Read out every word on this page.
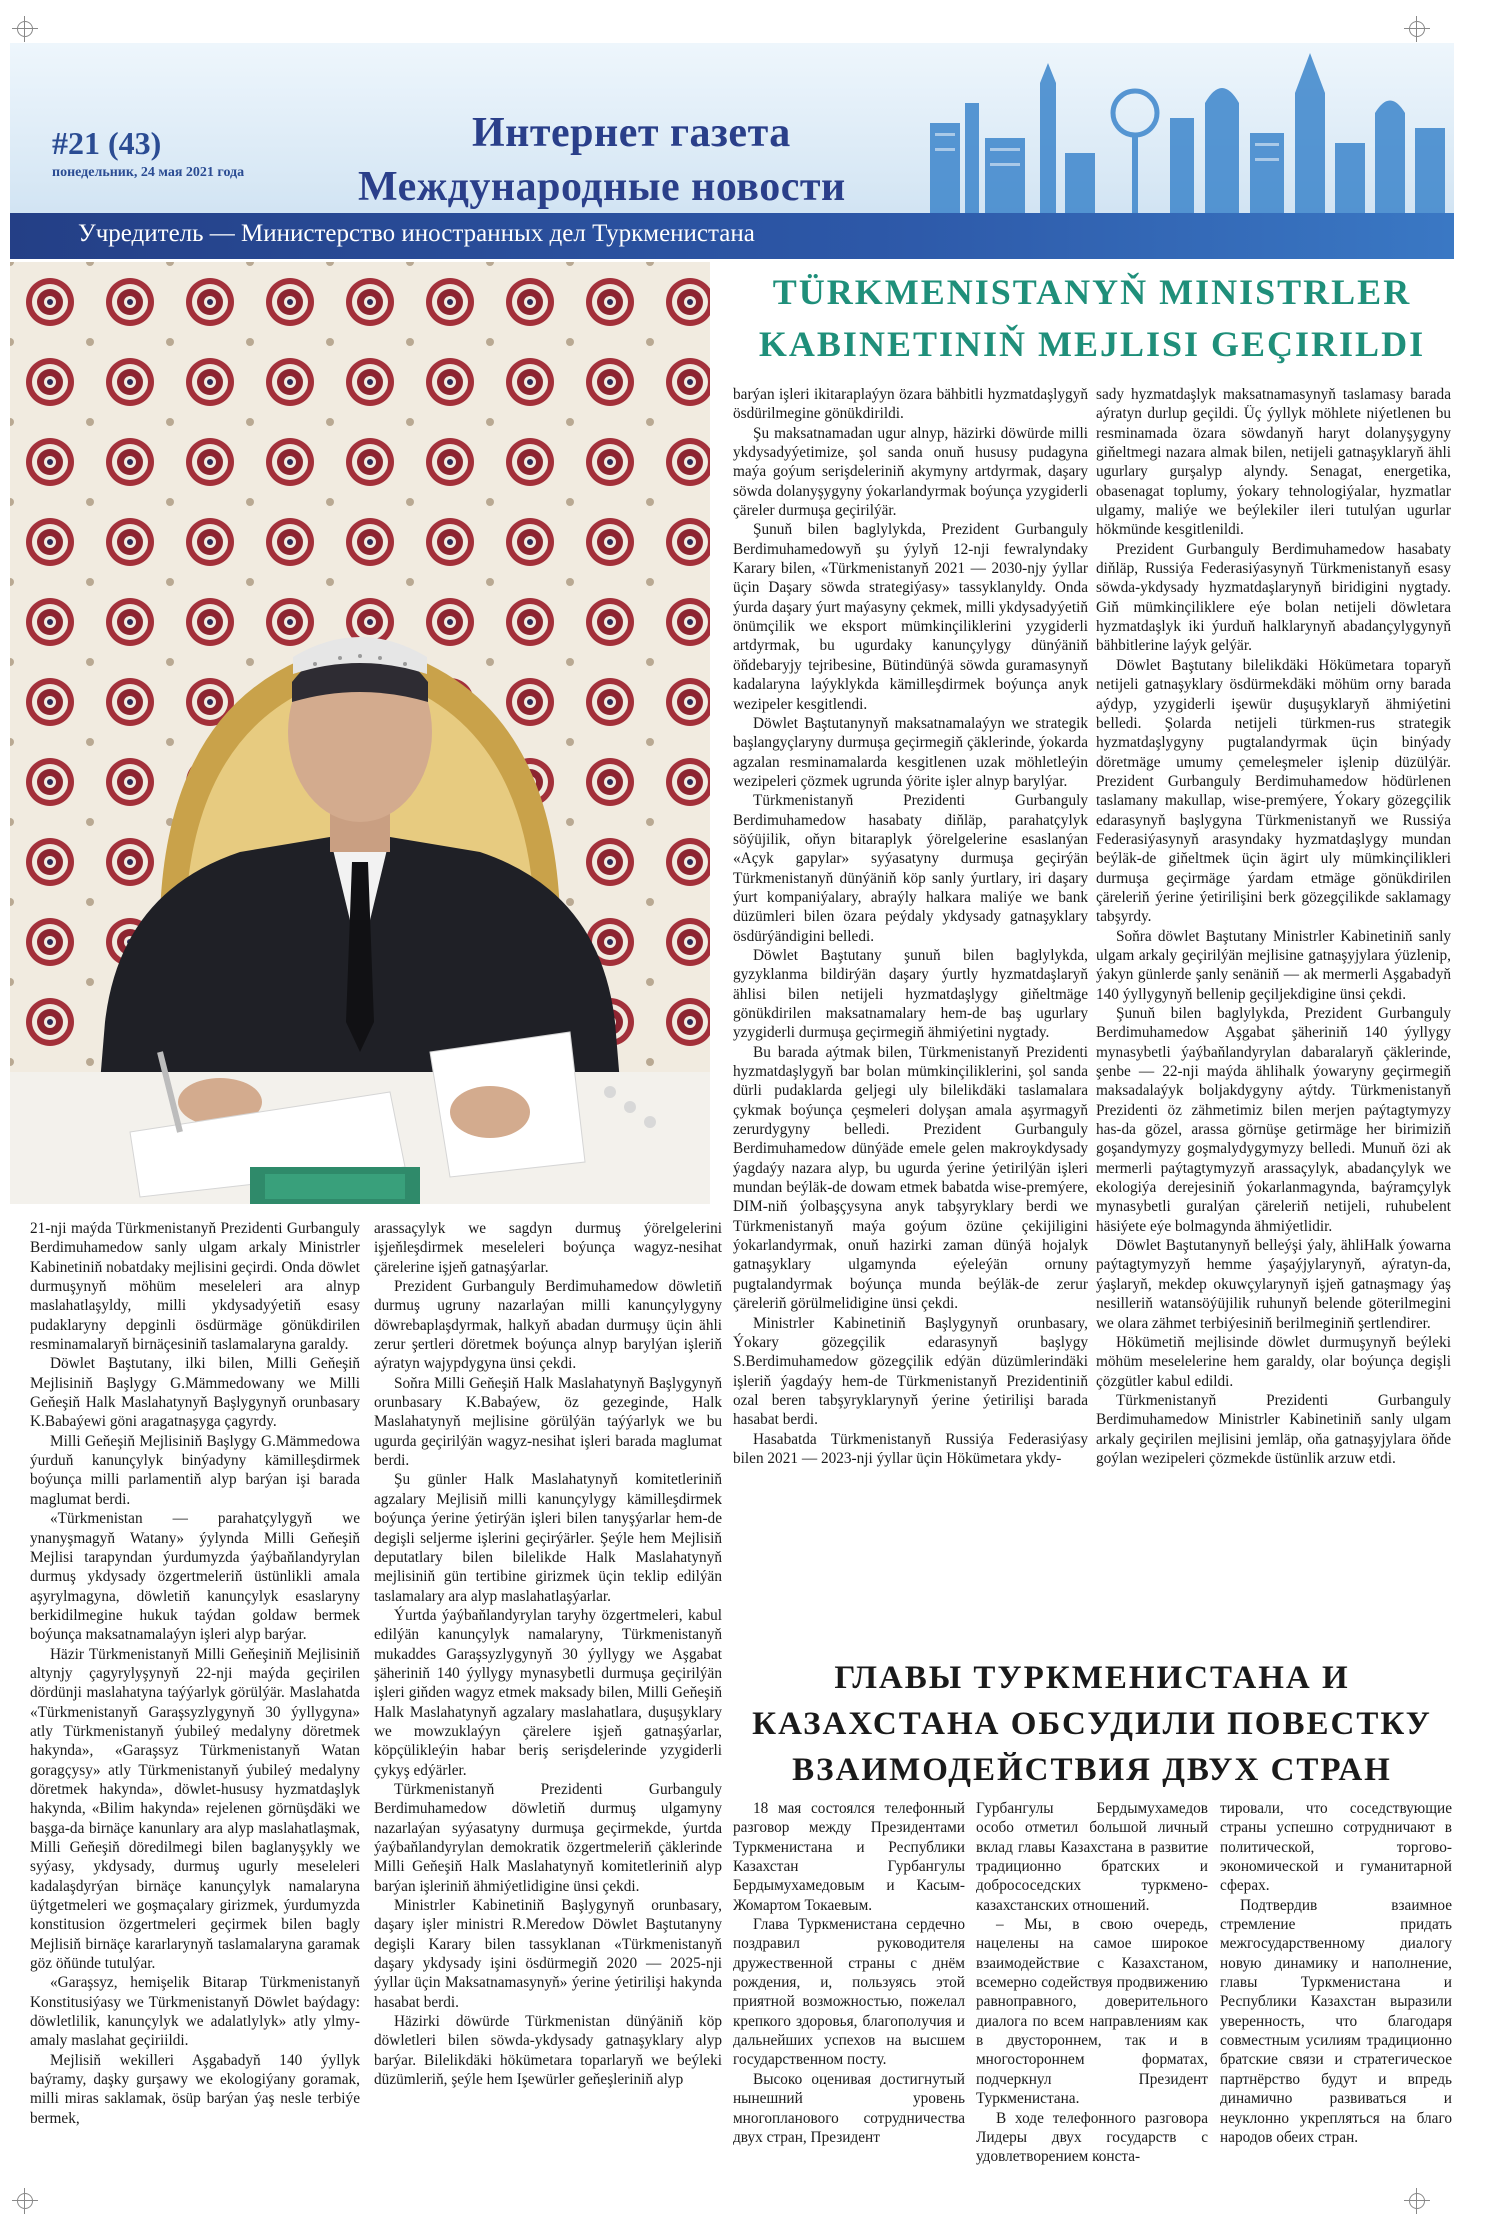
#21 (43)
понедельник, 24 мая 2021 года
Интернет газета
Международные новости
Учредитель — Министерство иностранных дел Туркменистана
TÜRKMENISTANYŇ MINISTRLER
KABINETINIŇ MEJLISI GEÇIRILDI

21-nji maýda Türkmenistanyň Prezidenti Gurbanguly Berdimuhamedow sanly ulgam arkaly Ministrler Kabinetiniň nobatdaky mejlisini geçirdi. Onda döwlet durmuşynyň möhüm meseleleri ara alnyp maslahatlaşyldy, milli ykdysadyýetiň esasy pudaklaryny depginli ösdürmäge gönükdirilen resminamalaryň birnäçesiniň taslamalaryna garaldy.

Döwlet Baştutany, ilki bilen, Milli Geňeşiň Mejlisiniň Başlygy G.Mämmedowany we Milli Geňeşiň Halk Maslahatynyň Başlygynyň orunbasary K.Babaýewi göni aragatnaşyga çagyrdy.

Milli Geňeşiň Mejlisiniň Başlygy G.Mämmedowa ýurduň kanunçylyk binýadyny kämilleşdirmek boýunça milli parlamentiň alyp barýan işi barada maglumat berdi.

«Türkmenistan — parahatçylygyň we ynanyşmagyň Watany» ýylynda Milli Geňeşiň Mejlisi tarapyndan ýurdumyzda ýaýbaňlandyrylan durmuş ykdysady özgertmeleriň üstünlikli amala aşyrylmagyna, döwletiň kanunçylyk esaslaryny berkidilmegine hukuk taýdan goldaw bermek boýunça maksatnamalaýyn işleri alyp barýar.

Häzir Türkmenistanyň Milli Geňeşiniň Mejlisiniň altynjy çagyrylyşynyň 22-nji maýda geçirilen dördünji maslahatyna taýýarlyk görülýär. Maslahatda «Türkmenistanyň Garaşsyzlygynyň 30 ýyllygyna» atly Türkmenistanyň ýubileý medalyny döretmek hakynda», «Garaşsyz Türkmenistanyň Watan goragçysy» atly Türkmenistanyň ýubileý medalyny döretmek hakynda», döwlet-hususy hyzmatdaşlyk hakynda, «Bilim hakynda» rejelenen görnüşdäki we başga-da birnäçe kanunlary ara alyp maslahatlaşmak, Milli Geňeşiň döredilmegi bilen baglanyşykly we syýasy, ykdysady, durmuş ugurly meseleleri kadalaşdyrýan birnäçe kanunçylyk namalaryna üýtgetmeleri we goşmaçalary girizmek, ýurdumyzda konstitusion özgertmeleri geçirmek bilen bagly Mejlisiň birnäçe kararlarynyň taslamalaryna garamak göz öňünde tutulýar.

«Garaşsyz, hemişelik Bitarap Türkmenistanyň Konstitusiýasy we Türkmenistanyň Döwlet baýdagy: döwletlilik, kanunçylyk we adalatlylyk» atly ylmy-amaly maslahat geçiriildi.

Mejlisiň wekilleri Aşgabadyň 140 ýyllyk baýramy, daşky gurşawy we ekologiýany goramak, milli miras saklamak, ösüp barýan ýaş nesle terbiýe bermek,

arassaçylyk we sagdyn durmuş ýörelgelerini işjeňleşdirmek meseleleri boýunça wagyz-nesihat çärelerine işjeň gatnaşýarlar.

Prezident Gurbanguly Berdimuhamedow döwletiň durmuş ugruny nazarlaýan milli kanunçylygyny döwrebaplaşdyrmak, halkyň abadan durmuşy üçin ähli zerur şertleri döretmek boýunça alnyp barylýan işleriň aýratyn wajypdygyna ünsi çekdi.

Soňra Milli Geňeşiň Halk Maslahatynyň Başlygynyň orunbasary K.Babaýew, öz gezeginde, Halk Maslahatynyň mejlisine görülýän taýýarlyk we bu ugurda geçirilýän wagyz-nesihat işleri barada maglumat berdi.

Şu günler Halk Maslahatynyň komitetleriniň agzalary Mejlisiň milli kanunçylygy kämilleşdirmek boýunça ýerine ýetirýän işleri bilen tanyşýarlar hem-de degişli seljerme işlerini geçirýärler. Şeýle hem Mejlisiň deputatlary bilen bilelikde Halk Maslahatynyň mejlisiniň gün tertibine girizmek üçin teklip edilýän taslamalary ara alyp maslahatlaşýarlar.

Ýurtda ýaýbaňlandyrylan taryhy özgertmeleri, kabul edilýän kanunçylyk namalaryny, Türkmenistanyň mukaddes Garaşsyzlygynyň 30 ýyllygy we Aşgabat şäheriniň 140 ýyllygy mynasybetli durmuşa geçirilýän işleri giňden wagyz etmek maksady bilen, Milli Geňeşiň Halk Maslahatynyň agzalary maslahatlara, duşuşyklary we mowzuklaýyn çärelere işjeň gatnaşýarlar, köpçülikleýin habar beriş serişdelerinde yzygiderli çykyş edýärler.

Türkmenistanyň Prezidenti Gurbanguly Berdimuhamedow döwletiň durmuş ulgamyny nazarlaýan syýasatyny durmuşa geçirmekde, ýurtda ýaýbaňlandyrylan demokratik özgertmeleriň çäklerinde Milli Geňeşiň Halk Maslahatynyň komitetleriniň alyp barýan işleriniň ähmiýetlidigine ünsi çekdi.

Ministrler Kabinetiniň Başlygynyň orunbasary, daşary işler ministri R.Meredow Döwlet Baştutanyny degişli Karary bilen tassyklanan «Türkmenistanyň daşary ykdysady işini ösdürmegiň 2020 — 2025-nji ýyllar üçin Maksatnamasynyň» ýerine ýetirilişi hakynda hasabat berdi.

Häzirki döwürde Türkmenistan dünýäniň köp döwletleri bilen söwda-ykdysady gatnaşyklary alyp barýar. Bilelikdäki hökümetara toparlaryň we beýleki düzümleriň, şeýle hem Işewürler geňeşleriniň alyp

barýan işleri ikitaraplaýyn özara bähbitli hyzmatdaşlygyň ösdürilmegine gönükdirildi.

Şu maksatnamadan ugur alnyp, häzirki döwürde milli ykdysadyýetimize, şol sanda onuň hususy pudagyna maýa goýum serişdeleriniň akymyny artdyrmak, daşary söwda dolanyşygyny ýokarlandyrmak boýunça yzygiderli çäreler durmuşa geçirilýär.

Şunuň bilen baglylykda, Prezident Gurbanguly Berdimuhamedowyň şu ýylyň 12-nji fewralyndaky Karary bilen, «Türkmenistanyň 2021 — 2030-njy ýyllar üçin Daşary söwda strategiýasy» tassyklanyldy. Onda ýurda daşary ýurt maýasyny çekmek, milli ykdysadyýetiň önümçilik we eksport mümkinçiliklerini yzygiderli artdyrmak, bu ugurdaky kanunçylygy dünýäniň öňdebaryjy tejribesine, Bütindünýä söwda guramasynyň kadalaryna laýyklykda kämilleşdirmek boýunça anyk wezipeler kesgitlendi.

Döwlet Baştutanynyň maksatnamalaýyn we strategik başlangyçlaryny durmuşa geçirmegiň çäklerinde, ýokarda agzalan resminamalarda kesgitlenen uzak möhletleýin wezipeleri çözmek ugrunda ýörite işler alnyp barylýar.

Türkmenistanyň Prezidenti Gurbanguly Berdimuhamedow hasabaty diňläp, parahatçylyk söýüjilik, oňyn bitaraplyk ýörelgelerine esaslanýan «Açyk gapylar» syýasatyny durmuşa geçirýän Türkmenistanyň dünýäniň köp sanly ýurtlary, iri daşary ýurt kompaniýalary, abraýly halkara maliýe we bank düzümleri bilen özara peýdaly ykdysady gatnaşyklary ösdürýändigini belledi.

Döwlet Baştutany şunuň bilen baglylykda, gyzyklanma bildirýän daşary ýurtly hyzmatdaşlaryň ählisi bilen netijeli hyzmatdaşlygy giňeltmäge gönükdirilen maksatnamalary hem-de baş ugurlary yzygiderli durmuşa geçirmegiň ähmiýetini nygtady.

Bu barada aýtmak bilen, Türkmenistanyň Prezidenti hyzmatdaşlygyň bar bolan mümkinçiliklerini, şol sanda dürli pudaklarda geljegi uly bilelikdäki taslamalara çykmak boýunça çeşmeleri dolyşan amala aşyrmagyň zerurdygyny belledi. Prezident Gurbanguly Berdimuhamedow dünýäde emele gelen makroykdysady ýagdaýy nazara alyp, bu ugurda ýerine ýetirilýän işleri mundan beýläk-de dowam etmek babatda wise-premýere, DIM-niň ýolbaşçysyna anyk tabşyryklary berdi we Türkmenistanyň maýa goýum özüne çekijiligini ýokarlandyrmak, onuň hazirki zaman dünýä hojalyk gatnaşyklary ulgamynda eýeleýän ornuny pugtalandyrmak boýunça munda beýläk-de zerur çäreleriň görülmelidigine ünsi çekdi.

Ministrler Kabinetiniň Başlygynyň orunbasary, Ýokary gözegçilik edarasynyň başlygy S.Berdimuhamedow gözegçilik edýän düzümlerindäki işleriň ýagdaýy hem-de Türkmenistanyň Prezidentiniň ozal beren tabşyryklarynyň ýerine ýetirilişi barada hasabat berdi.

Hasabatda Türkmenistanyň Russiýa Federasiýasy bilen 2021 — 2023-nji ýyllar üçin Hökümetara ykdy-

sady hyzmatdaşlyk maksatnamasynyň taslamasy barada aýratyn durlup geçildi. Üç ýyllyk möhlete niýetlenen bu resminamada özara söwdanyň haryt dolanyşygyny giňeltmegi nazara almak bilen, netijeli gatnaşyklaryň ähli ugurlary gurşalyp alyndy. Senagat, energetika, obasenagat toplumy, ýokary tehnologiýalar, hyzmatlar ulgamy, maliýe we beýlekiler ileri tutulýan ugurlar hökmünde kesgitlenildi.

Prezident Gurbanguly Berdimuhamedow hasabaty diňläp, Russiýa Federasiýasynyň Türkmenistanyň esasy söwda-ykdysady hyzmatdaşlarynyň biridigini nygtady. Giň mümkinçiliklere eýe bolan netijeli döwletara hyzmatdaşlyk iki ýurduň halklarynyň abadançylygynyň bähbitlerine laýyk gelýär.

Döwlet Baştutany bilelikdäki Hökümetara toparyň netijeli gatnaşyklary ösdürmekdäki möhüm orny barada aýdyp, yzygiderli işewür duşuşyklaryň ähmiýetini belledi. Şolarda netijeli türkmen-rus strategik hyzmatdaşlygyny pugtalandyrmak üçin binýady döretmäge umumy çemeleşmeler işlenip düzülýär. Prezident Gurbanguly Berdimuhamedow hödürlenen taslamany makullap, wise-premýere, Ýokary gözegçilik edarasynyň başlygyna Türkmenistanyň we Russiýa Federasiýasynyň arasyndaky hyzmatdaşlygy mundan beýläk-de giňeltmek üçin ägirt uly mümkinçilikleri durmuşa geçirmäge ýardam etmäge gönükdirilen çäreleriň ýerine ýetirilişini berk gözegçilikde saklamagy tabşyrdy.

Soňra döwlet Baştutany Ministrler Kabinetiniň sanly ulgam arkaly geçirilýän mejlisine gatnaşyjylara ýüzlenip, ýakyn günlerde şanly senäniň — ak mermerli Aşgabadyň 140 ýyllygynyň bellenip geçiljekdigine ünsi çekdi.

Şunuň bilen baglylykda, Prezident Gurbanguly Berdimuhamedow Aşgabat şäheriniň 140 ýyllygy mynasybetli ýaýbaňlandyrylan dabaralaryň çäklerinde, şenbe — 22-nji maýda ählihalk ýowaryny geçirmegiň maksadalaýyk boljakdygyny aýtdy. Türkmenistanyň Prezidenti öz zähmetimiz bilen merjen paýtagtymyzy has-da gözel, arassa görnüşe getirmäge her birimiziň goşandymyzy goşmalydygymyzy belledi. Munuň özi ak mermerli paýtagtymyzyň arassaçylyk, abadançylyk we ekologiýa derejesiniň ýokarlanmagynda, baýramçylyk mynasybetli guralýan çäreleriň netijeli, ruhubelent häsiýete eýe bolmagynda ähmiýetlidir.

Döwlet Baştutanynyň belleýşi ýaly, ähliHalk ýowarna paýtagtymyzyň hemme ýaşaýjylarynyň, aýratyn-da, ýaşlaryň, mekdep okuwçylarynyň işjeň gatnaşmagy ýaş nesilleriň watansöýüjilik ruhunyň belende göterilmegini we olara zähmet terbiýesiniň berilmeginiň şertlendirer.

Hökümetiň mejlisinde döwlet durmuşynyň beýleki möhüm meselelerine hem garaldy, olar boýunça degişli çözgütler kabul edildi.

Türkmenistanyň Prezidenti Gurbanguly Berdimuhamedow Ministrler Kabinetiniň sanly ulgam arkaly geçirilen mejlisini jemläp, oňa gatnaşyjylara öňde goýlan wezipeleri çözmekde üstünlik arzuw etdi.

ГЛАВЫ ТУРКМЕНИСТАНА И
КАЗАХСТАНА ОБСУДИЛИ ПОВЕСТКУ
ВЗАИМОДЕЙСТВИЯ ДВУХ СТРАН

18 мая состоялся телефонный разговор между Президентами Туркменистана и Республики Казахстан Гурбангулы Бердымухамедовым и Касым-Жомартом Токаевым.

Глава Туркменистана сердечно поздравил руководителя дружественной страны с днём рождения, и, пользуясь этой приятной возможностью, пожелал крепкого здоровья, благополучия и дальнейших успехов на высшем государственном посту.

Высоко оценивая достигнутый нынешний уровень многопланового сотрудничества двух стран, Президент

Гурбангулы Бердымухамедов особо отметил большой личный вклад главы Казахстана в развитие традиционно братских и добрососедских туркмено-казахстанских отношений.

– Мы, в свою очередь, нацелены на самое широкое взаимодействие с Казахстаном, всемерно содействуя продвижению равноправного, доверительного диалога по всем направлениям как в двустороннем, так и в многостороннем форматах, подчеркнул Президент Туркменистана.

В ходе телефонного разговора Лидеры двух государств с удовлетворением конста-

тировали, что соседствующие страны успешно сотрудничают в политической, торгово-экономической и гуманитарной сферах.

Подтвердив взаимное стремление придать межгосударственному диалогу новую динамику и наполнение, главы Туркменистана и Республики Казахстан выразили уверенность, что благодаря совместным усилиям традиционно братские связи и стратегическое партнёрство будут и впредь динамично развиваться и неуклонно укрепляться на благо народов обеих стран.
